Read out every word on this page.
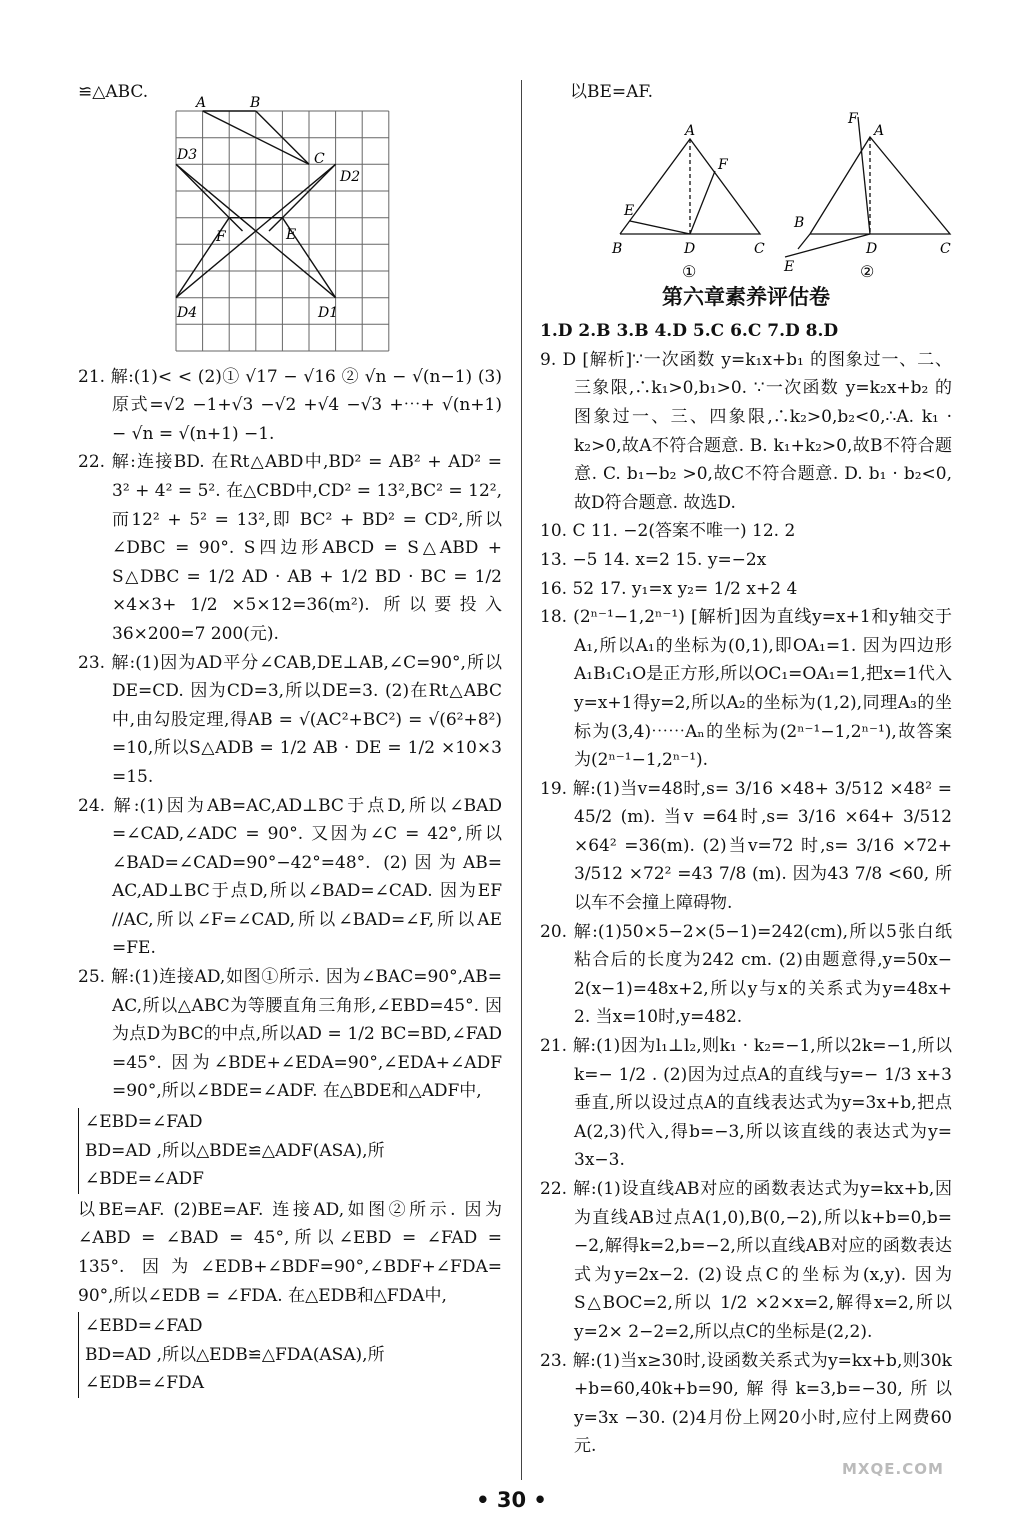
≌△ABC.
A	B
D3	C
D2
F	E
D4	D1
21. 解:(1)< < (2)① √17 − √16 ② √n − √(n−1) (3)原式=√2 −1+√3 −√2 +√4 −√3 +⋯+ √(n+1) − √n = √(n+1) −1.
22. 解:连接BD. 在Rt△ABD中,BD² = AB² + AD² = 3² + 4² = 5². 在△CBD中,CD² = 13²,BC² = 12²,而12² + 5² = 13²,即 BC² + BD² = CD²,所以∠DBC = 90°. S四边形ABCD = S△ABD + S△DBC = 1/2 AD · AB + 1/2 BD · BC = 1/2 ×4×3+ 1/2 ×5×12=36(m²). 所以要投入36×200=7 200(元).
23. 解:(1)因为AD平分∠CAB,DE⊥AB,∠C=90°,所以DE=CD. 因为CD=3,所以DE=3. (2)在Rt△ABC中,由勾股定理,得AB = √(AC²+BC²) = √(6²+8²) =10,所以S△ADB = 1/2 AB · DE = 1/2 ×10×3 =15.
24. 解:(1)因为AB=AC,AD⊥BC于点D,所以∠BAD =∠CAD,∠ADC = 90°. 又因为∠C = 42°,所以 ∠BAD=∠CAD=90°−42°=48°. (2)因为AB= AC,AD⊥BC于点D,所以∠BAD=∠CAD. 因为EF //AC,所以∠F=∠CAD,所以∠BAD=∠F,所以AE =FE.
25. 解:(1)连接AD,如图①所示. 因为∠BAC=90°,AB= AC,所以△ABC为等腰直角三角形,∠EBD=45°. 因为点D为BC的中点,所以AD = 1/2 BC=BD,∠FAD =45°. 因为∠BDE+∠EDA=90°,∠EDA+∠ADF =90°,所以∠BDE=∠ADF. 在△BDE和△ADF中,
∠EBD=∠FAD
BD=AD ,所以△BDE≌△ADF(ASA),所
∠BDE=∠ADF
以BE=AF. (2)BE=AF. 连接AD,如图②所示. 因为∠ABD = ∠BAD = 45°,所以∠EBD = ∠FAD = 135°. 因为∠EDB+∠BDF=90°,∠BDF+∠FDA= 90°,所以∠EDB = ∠FDA. 在△EDB和△FDA中,
∠EBD=∠FAD
BD=AD ,所以△EDB≌△FDA(ASA),所
∠EDB=∠FDA
以BE=AF.
A
F
E
B	D	C
①
F
A
B
D	C
E	②
第六章素养评估卷
1.D 2.B 3.B 4.D 5.C 6.C 7.D 8.D
9. D [解析]∵一次函数 y=k₁x+b₁ 的图象过一、二、三象限,∴k₁>0,b₁>0. ∵一次函数 y=k₂x+b₂ 的图象过一、三、四象限,∴k₂>0,b₂<0,∴A. k₁ · k₂>0,故A不符合题意. B. k₁+k₂>0,故B不符合题意. C. b₁−b₂ >0,故C不符合题意. D. b₁ · b₂<0,故D符合题意. 故选D.
10. C 11. −2(答案不唯一) 12. 2
13. −5 14. x=2 15. y=−2x
16. 52 17. y₁=x y₂= 1/2 x+2 4
18. (2ⁿ⁻¹−1,2ⁿ⁻¹) [解析]因为直线y=x+1和y轴交于A₁,所以A₁的坐标为(0,1),即OA₁=1. 因为四边形A₁B₁C₁O是正方形,所以OC₁=OA₁=1,把x=1代入y=x+1得y=2,所以A₂的坐标为(1,2),同理A₃的坐标为(3,4)⋯⋯Aₙ的坐标为(2ⁿ⁻¹−1,2ⁿ⁻¹),故答案为(2ⁿ⁻¹−1,2ⁿ⁻¹).
19. 解:(1)当v=48时,s= 3/16 ×48+ 3/512 ×48² = 45/2 (m). 当v =64时,s= 3/16 ×64+ 3/512 ×64² =36(m). (2)当v=72 时,s= 3/16 ×72+ 3/512 ×72² =43 7/8 (m). 因为43 7/8 <60, 所以车不会撞上障碍物.
20. 解:(1)50×5−2×(5−1)=242(cm),所以5张白纸粘合后的长度为242 cm. (2)由题意得,y=50x− 2(x−1)=48x+2,所以y与x的关系式为y=48x+ 2. 当x=10时,y=482.
21. 解:(1)因为l₁⊥l₂,则k₁ · k₂=−1,所以2k=−1,所以k=− 1/2 . (2)因为过点A的直线与y=− 1/3 x+3 垂直,所以设过点A的直线表达式为y=3x+b,把点A(2,3)代入,得b=−3,所以该直线的表达式为y= 3x−3.
22. 解:(1)设直线AB对应的函数表达式为y=kx+b,因为直线AB过点A(1,0),B(0,−2),所以k+b=0,b= −2,解得k=2,b=−2,所以直线AB对应的函数表达式为y=2x−2. (2)设点C的坐标为(x,y). 因为 S△BOC=2,所以 1/2 ×2×x=2,解得x=2,所以y=2× 2−2=2,所以点C的坐标是(2,2).
23. 解:(1)当x≥30时,设函数关系式为y=kx+b,则30k +b=60,40k+b=90,解得k=3,b=−30,所以y=3x −30. (2)4月份上网20小时,应付上网费60元.
• 30 •
MXQE.COM
